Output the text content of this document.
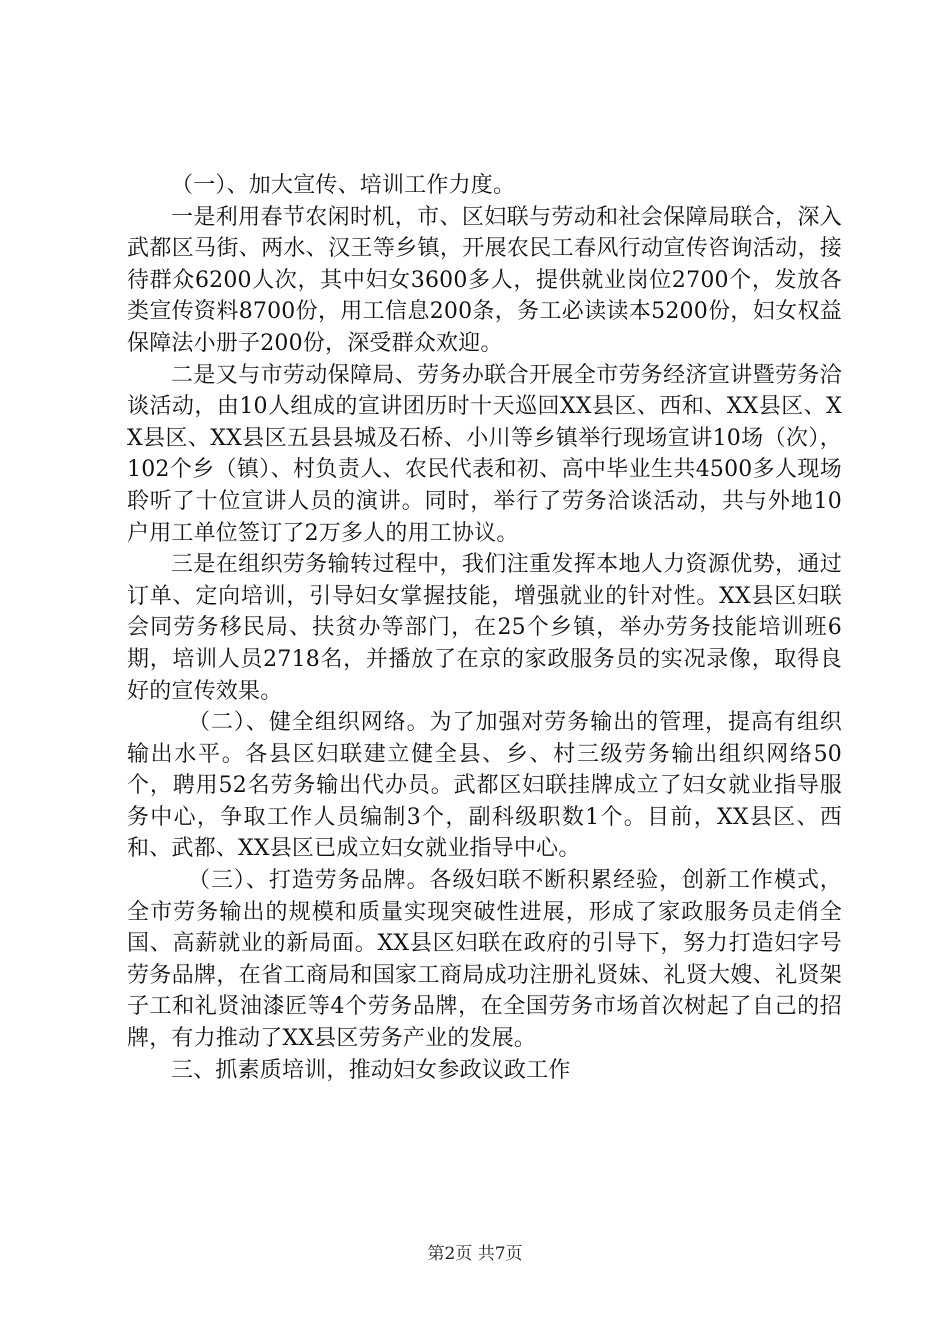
（一）、加大宣传、培训工作力度。

一是利用春节农闲时机，市、区妇联与劳动和社会保障局联合，深入武都区马街、两水、汉王等乡镇，开展农民工春风行动宣传咨询活动，接待群众6200人次，其中妇女3600多人，提供就业岗位2700个，发放各类宣传资料8700份，用工信息200条，务工必读读本5200份，妇女权益保障法小册子200份，深受群众欢迎。

二是又与市劳动保障局、劳务办联合开展全市劳务经济宣讲暨劳务洽谈活动，由10人组成的宣讲团历时十天巡回XX县区、西和、XX县区、XX县区、XX县区五县县城及石桥、小川等乡镇举行现场宣讲10场（次），102个乡（镇）、村负责人、农民代表和初、高中毕业生共4500多人现场聆听了十位宣讲人员的演讲。同时，举行了劳务洽谈活动，共与外地10户用工单位签订了2万多人的用工协议。

三是在组织劳务输转过程中，我们注重发挥本地人力资源优势，通过订单、定向培训，引导妇女掌握技能，增强就业的针对性。XX县区妇联会同劳务移民局、扶贫办等部门，在25个乡镇，举办劳务技能培训班6期，培训人员2718名，并播放了在京的家政服务员的实况录像，取得良好的宣传效果。

（二）、健全组织网络。为了加强对劳务输出的管理，提高有组织输出水平。各县区妇联建立健全县、乡、村三级劳务输出组织网络50个，聘用52名劳务输出代办员。武都区妇联挂牌成立了妇女就业指导服务中心，争取工作人员编制3个，副科级职数1个。目前，XX县区、西和、武都、XX县区已成立妇女就业指导中心。

（三）、打造劳务品牌。各级妇联不断积累经验，创新工作模式，全市劳务输出的规模和质量实现突破性进展，形成了家政服务员走俏全国、高薪就业的新局面。XX县区妇联在政府的引导下，努力打造妇字号劳务品牌，在省工商局和国家工商局成功注册礼贤妹、礼贤大嫂、礼贤架子工和礼贤油漆匠等4个劳务品牌，在全国劳务市场首次树起了自己的招牌，有力推动了XX县区劳务产业的发展。

三、抓素质培训，推动妇女参政议政工作

第2页 共7页
